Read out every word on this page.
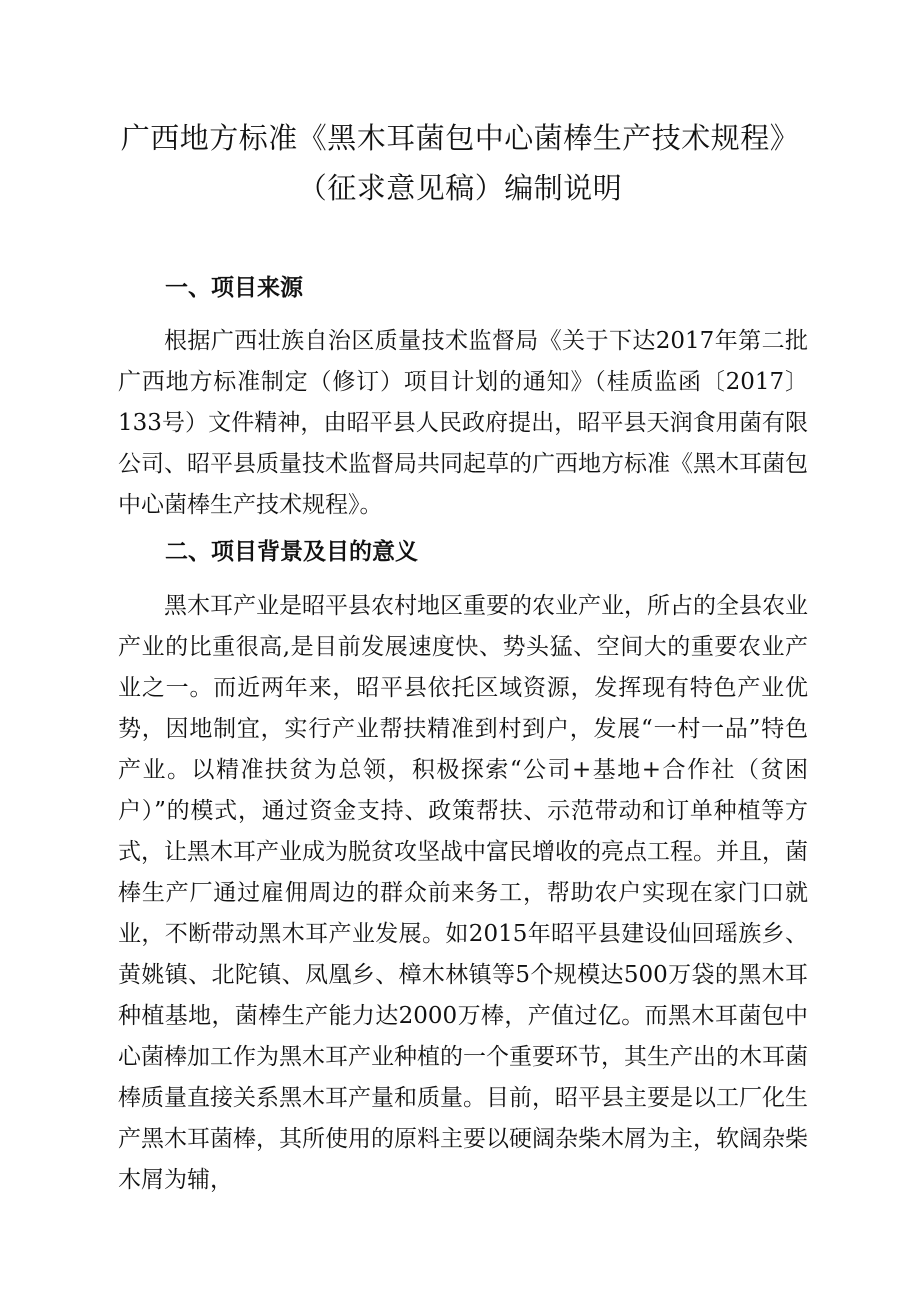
广西地方标准《黑木耳菌包中心菌棒生产技术规程》
（征求意见稿）编制说明
一、项目来源

根据广西壮族自治区质量技术监督局《关于下达2017年第二批广西地方标准制定（修订）项目计划的通知》（桂质监函〔2017〕133号）文件精神，由昭平县人民政府提出，昭平县天润食用菌有限公司、昭平县质量技术监督局共同起草的广西地方标准《黑木耳菌包中心菌棒生产技术规程》。

二、项目背景及目的意义

黑木耳产业是昭平县农村地区重要的农业产业，所占的全县农业产业的比重很高,是目前发展速度快、势头猛、空间大的重要农业产业之一。而近两年来，昭平县依托区域资源，发挥现有特色产业优势，因地制宜，实行产业帮扶精准到村到户，发展“一村一品”特色产业。以精准扶贫为总领，积极探索“公司+基地+合作社（贫困户）”的模式，通过资金支持、政策帮扶、示范带动和订单种植等方式，让黑木耳产业成为脱贫攻坚战中富民增收的亮点工程。并且，菌棒生产厂通过雇佣周边的群众前来务工，帮助农户实现在家门口就业，不断带动黑木耳产业发展。如2015年昭平县建设仙回瑶族乡、黄姚镇、北陀镇、凤凰乡、樟木林镇等5个规模达500万袋的黑木耳种植基地，菌棒生产能力达2000万棒，产值过亿。而黑木耳菌包中心菌棒加工作为黑木耳产业种植的一个重要环节，其生产出的木耳菌棒质量直接关系黑木耳产量和质量。目前，昭平县主要是以工厂化生产黑木耳菌棒，其所使用的原料主要以硬阔杂柴木屑为主，软阔杂柴木屑为辅，
